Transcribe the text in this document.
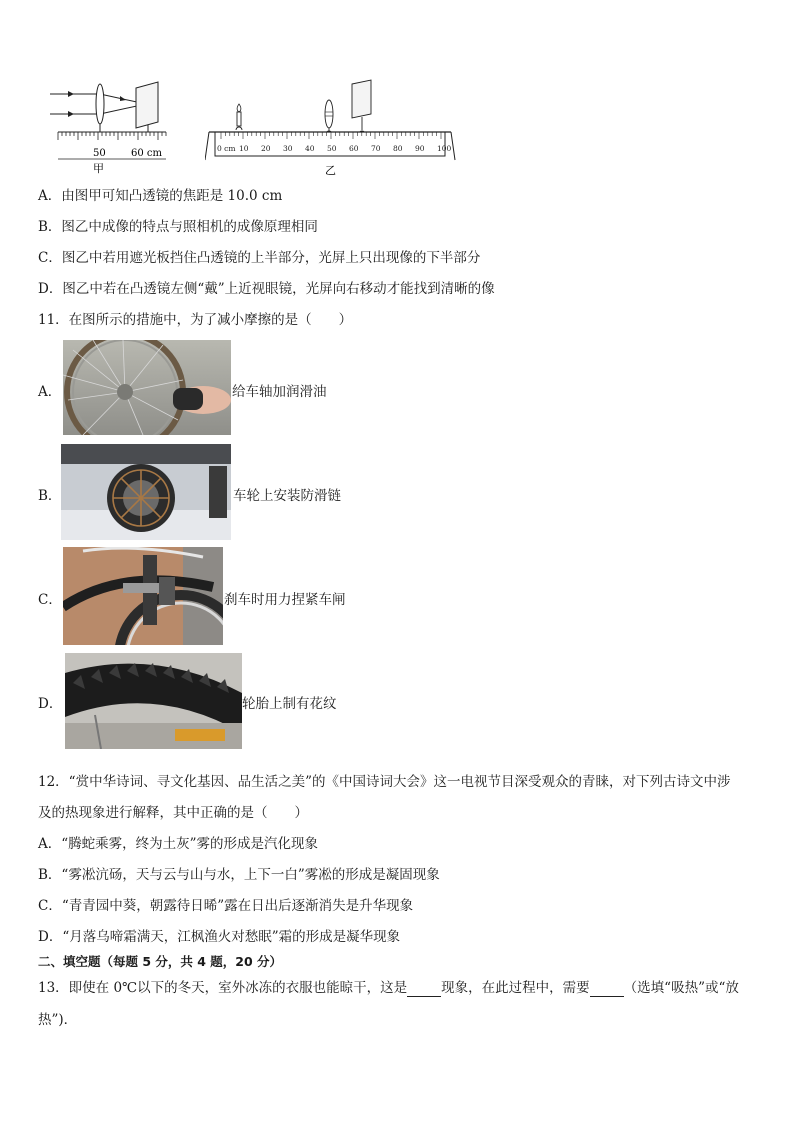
50	60 cm
甲
0 cm 10 20 30 40 50 60 70 80 90 100
乙
A．由图甲可知凸透镜的焦距是 10.0 cm
B．图乙中成像的特点与照相机的成像原理相同
C．图乙中若用遮光板挡住凸透镜的上半部分，光屏上只出现像的下半部分
D．图乙中若在凸透镜左侧“戴”上近视眼镜，光屏向右移动才能找到清晰的像
11．在图所示的措施中，为了减小摩擦的是（　　）
A．	给车轴加润滑油
B．	车轮上安装防滑链
C．	刹车时用力捏紧车闸
D．	轮胎上制有花纹
12．“赏中华诗词、寻文化基因、品生活之美”的《中国诗词大会》这一电视节目深受观众的青睐，对下列古诗文中涉
及的热现象进行解释，其中正确的是（　　）
A．“腾蛇乘雾，终为土灰”雾的形成是汽化现象
B．“雾凇沆砀，天与云与山与水，上下一白”雾凇的形成是凝固现象
C．“青青园中葵，朝露待日晞”露在日出后逐渐消失是升华现象
D．“月落乌啼霜满天，江枫渔火对愁眠”霜的形成是凝华现象
二、填空题（每题 5 分，共 4 题，20 分）
13．即使在 0℃以下的冬天，室外冰冻的衣服也能晾干，这是	现象，在此过程中，需要	（选填“吸热”或“放
热”)．
